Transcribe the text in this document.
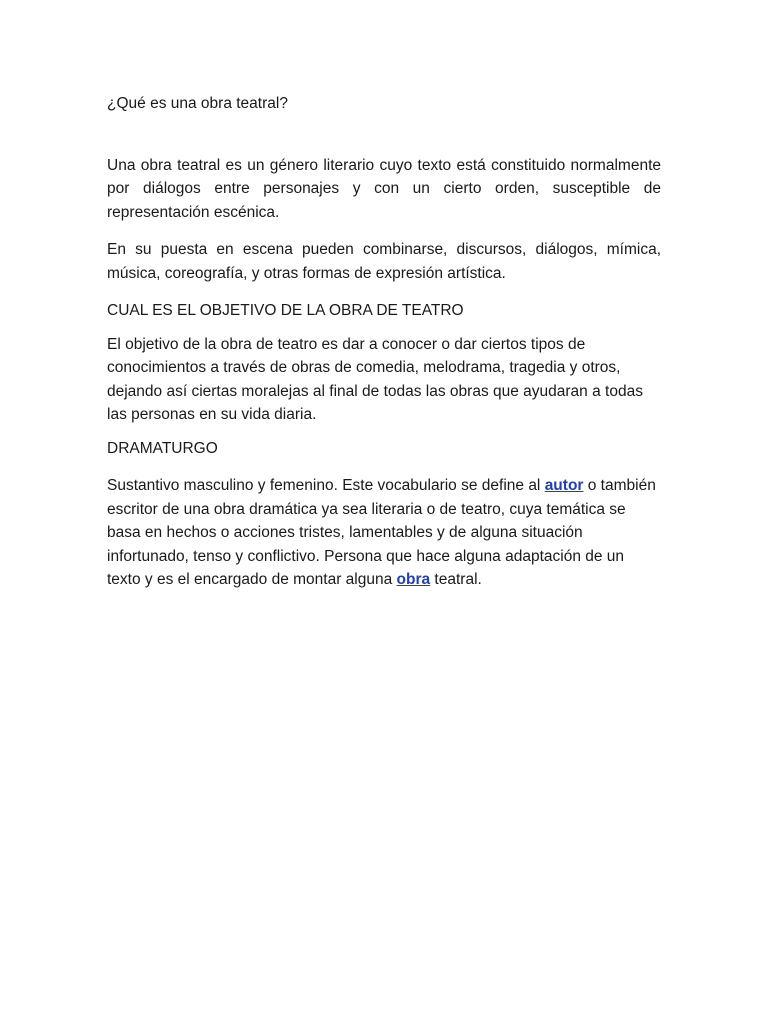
¿Qué es una obra teatral?

Una obra teatral es un género literario cuyo texto está constituido normalmente por diálogos entre personajes y con un cierto orden, susceptible de representación escénica.

En su puesta en escena pueden combinarse, discursos, diálogos, mímica, música, coreografía, y otras formas de expresión artística.

CUAL ES EL OBJETIVO DE LA OBRA DE TEATRO

El objetivo de la obra de teatro es dar a conocer o dar ciertos tipos de conocimientos a través de obras de comedia, melodrama, tragedia y otros, dejando así ciertas moralejas al final de todas las obras que ayudaran a todas las personas en su vida diaria.

DRAMATURGO

Sustantivo masculino y femenino. Este vocabulario se define al autor o también escritor de una obra dramática ya sea literaria o de teatro, cuya temática se basa en hechos o acciones tristes, lamentables y de alguna situación infortunado, tenso y conflictivo. Persona que hace alguna adaptación de un texto y es el encargado de montar alguna obra teatral.
